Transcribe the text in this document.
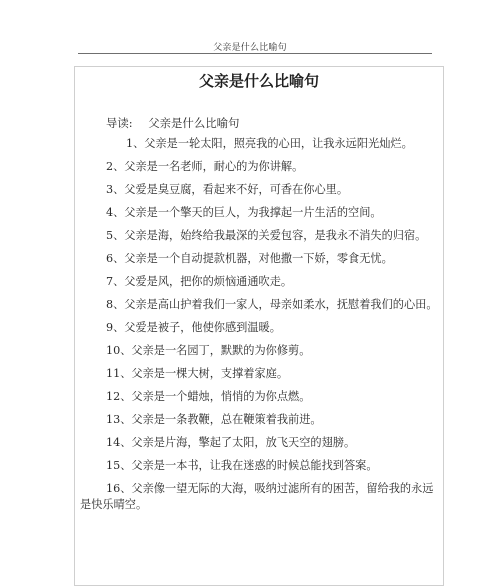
父亲是什么比喻句
父亲是什么比喻句
导读: 父亲是什么比喻句
1、父亲是一轮太阳，照亮我的心田，让我永远阳光灿烂。
2、父亲是一名老师，耐心的为你讲解。
3、父爱是臭豆腐，看起来不好，可香在你心里。
4、父亲是一个擎天的巨人，为我撑起一片生活的空间。
5、父亲是海，始终给我最深的关爱包容，是我永不消失的归宿。
6、父亲是一个自动提款机器，对他撒一下娇，零食无忧。
7、父爱是风，把你的烦恼通通吹走。
8、父亲是高山护着我们一家人，母亲如柔水，抚慰着我们的心田。
9、父爱是被子，他使你感到温暖。
10、父亲是一名园丁，默默的为你修剪。
11、父亲是一棵大树，支撑着家庭。
12、父亲是一个蜡烛，悄悄的为你点燃。
13、父亲是一条教鞭，总在鞭策着我前进。
14、父亲是片海，擎起了太阳，放飞天空的翅膀。
15、父亲是一本书，让我在迷惑的时候总能找到答案。
16、父亲像一望无际的大海，吸纳过滤所有的困苦，留给我的永远是快乐晴空。
